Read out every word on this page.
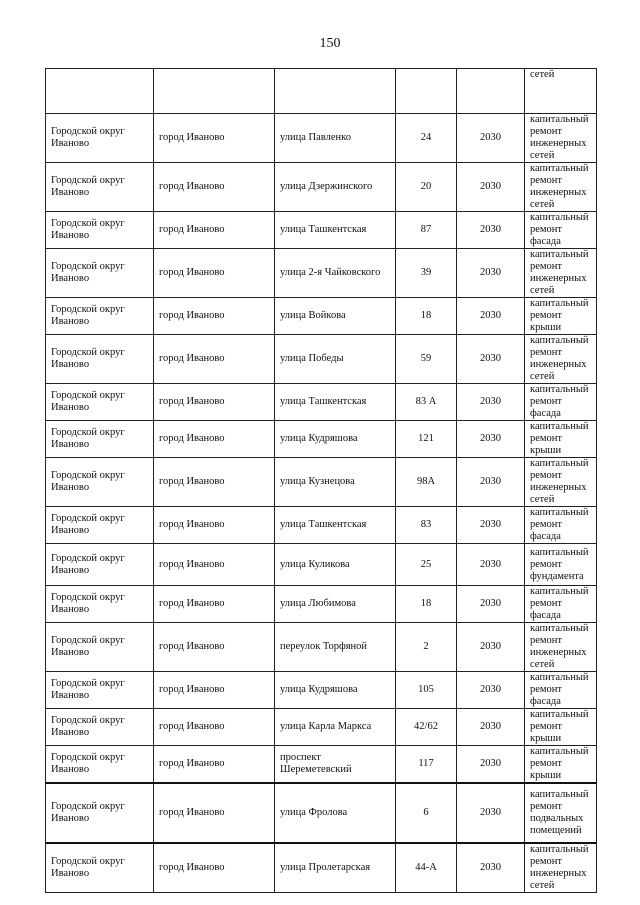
150
					сетей
Городской округ Иваново	город Иваново	улица Павленко	24	2030	капитальный ремонт инженерных сетей
Городской округ Иваново	город Иваново	улица Дзержинского	20	2030	капитальный ремонт инженерных сетей
Городской округ Иваново	город Иваново	улица Ташкентская	87	2030	капитальный ремонт фасада
Городской округ Иваново	город Иваново	улица 2-я Чайковского	39	2030	капитальный ремонт инженерных сетей
Городской округ Иваново	город Иваново	улица Войкова	18	2030	капитальный ремонт крыши
Городской округ Иваново	город Иваново	улица Победы	59	2030	капитальный ремонт инженерных сетей
Городской округ Иваново	город Иваново	улица Ташкентская	83 А	2030	капитальный ремонт фасада
Городской округ Иваново	город Иваново	улица Кудряшова	121	2030	капитальный ремонт крыши
Городской округ Иваново	город Иваново	улица Кузнецова	98А	2030	капитальный ремонт инженерных сетей
Городской округ Иваново	город Иваново	улица Ташкентская	83	2030	капитальный ремонт фасада
Городской округ Иваново	город Иваново	улица Куликова	25	2030	капитальный ремонт фундамента
Городской округ Иваново	город Иваново	улица Любимова	18	2030	капитальный ремонт фасада
Городской округ Иваново	город Иваново	переулок Торфяной	2	2030	капитальный ремонт инженерных сетей
Городской округ Иваново	город Иваново	улица Кудряшова	105	2030	капитальный ремонт фасада
Городской округ Иваново	город Иваново	улица Карла Маркса	42/62	2030	капитальный ремонт крыши
Городской округ Иваново	город Иваново	проспект Шереметевский	117	2030	капитальный ремонт крыши
Городской округ Иваново	город Иваново	улица Фролова	6	2030	капитальный ремонт подвальных помещений
Городской округ Иваново	город Иваново	улица Пролетарская	44-А	2030	капитальный ремонт инженерных сетей
